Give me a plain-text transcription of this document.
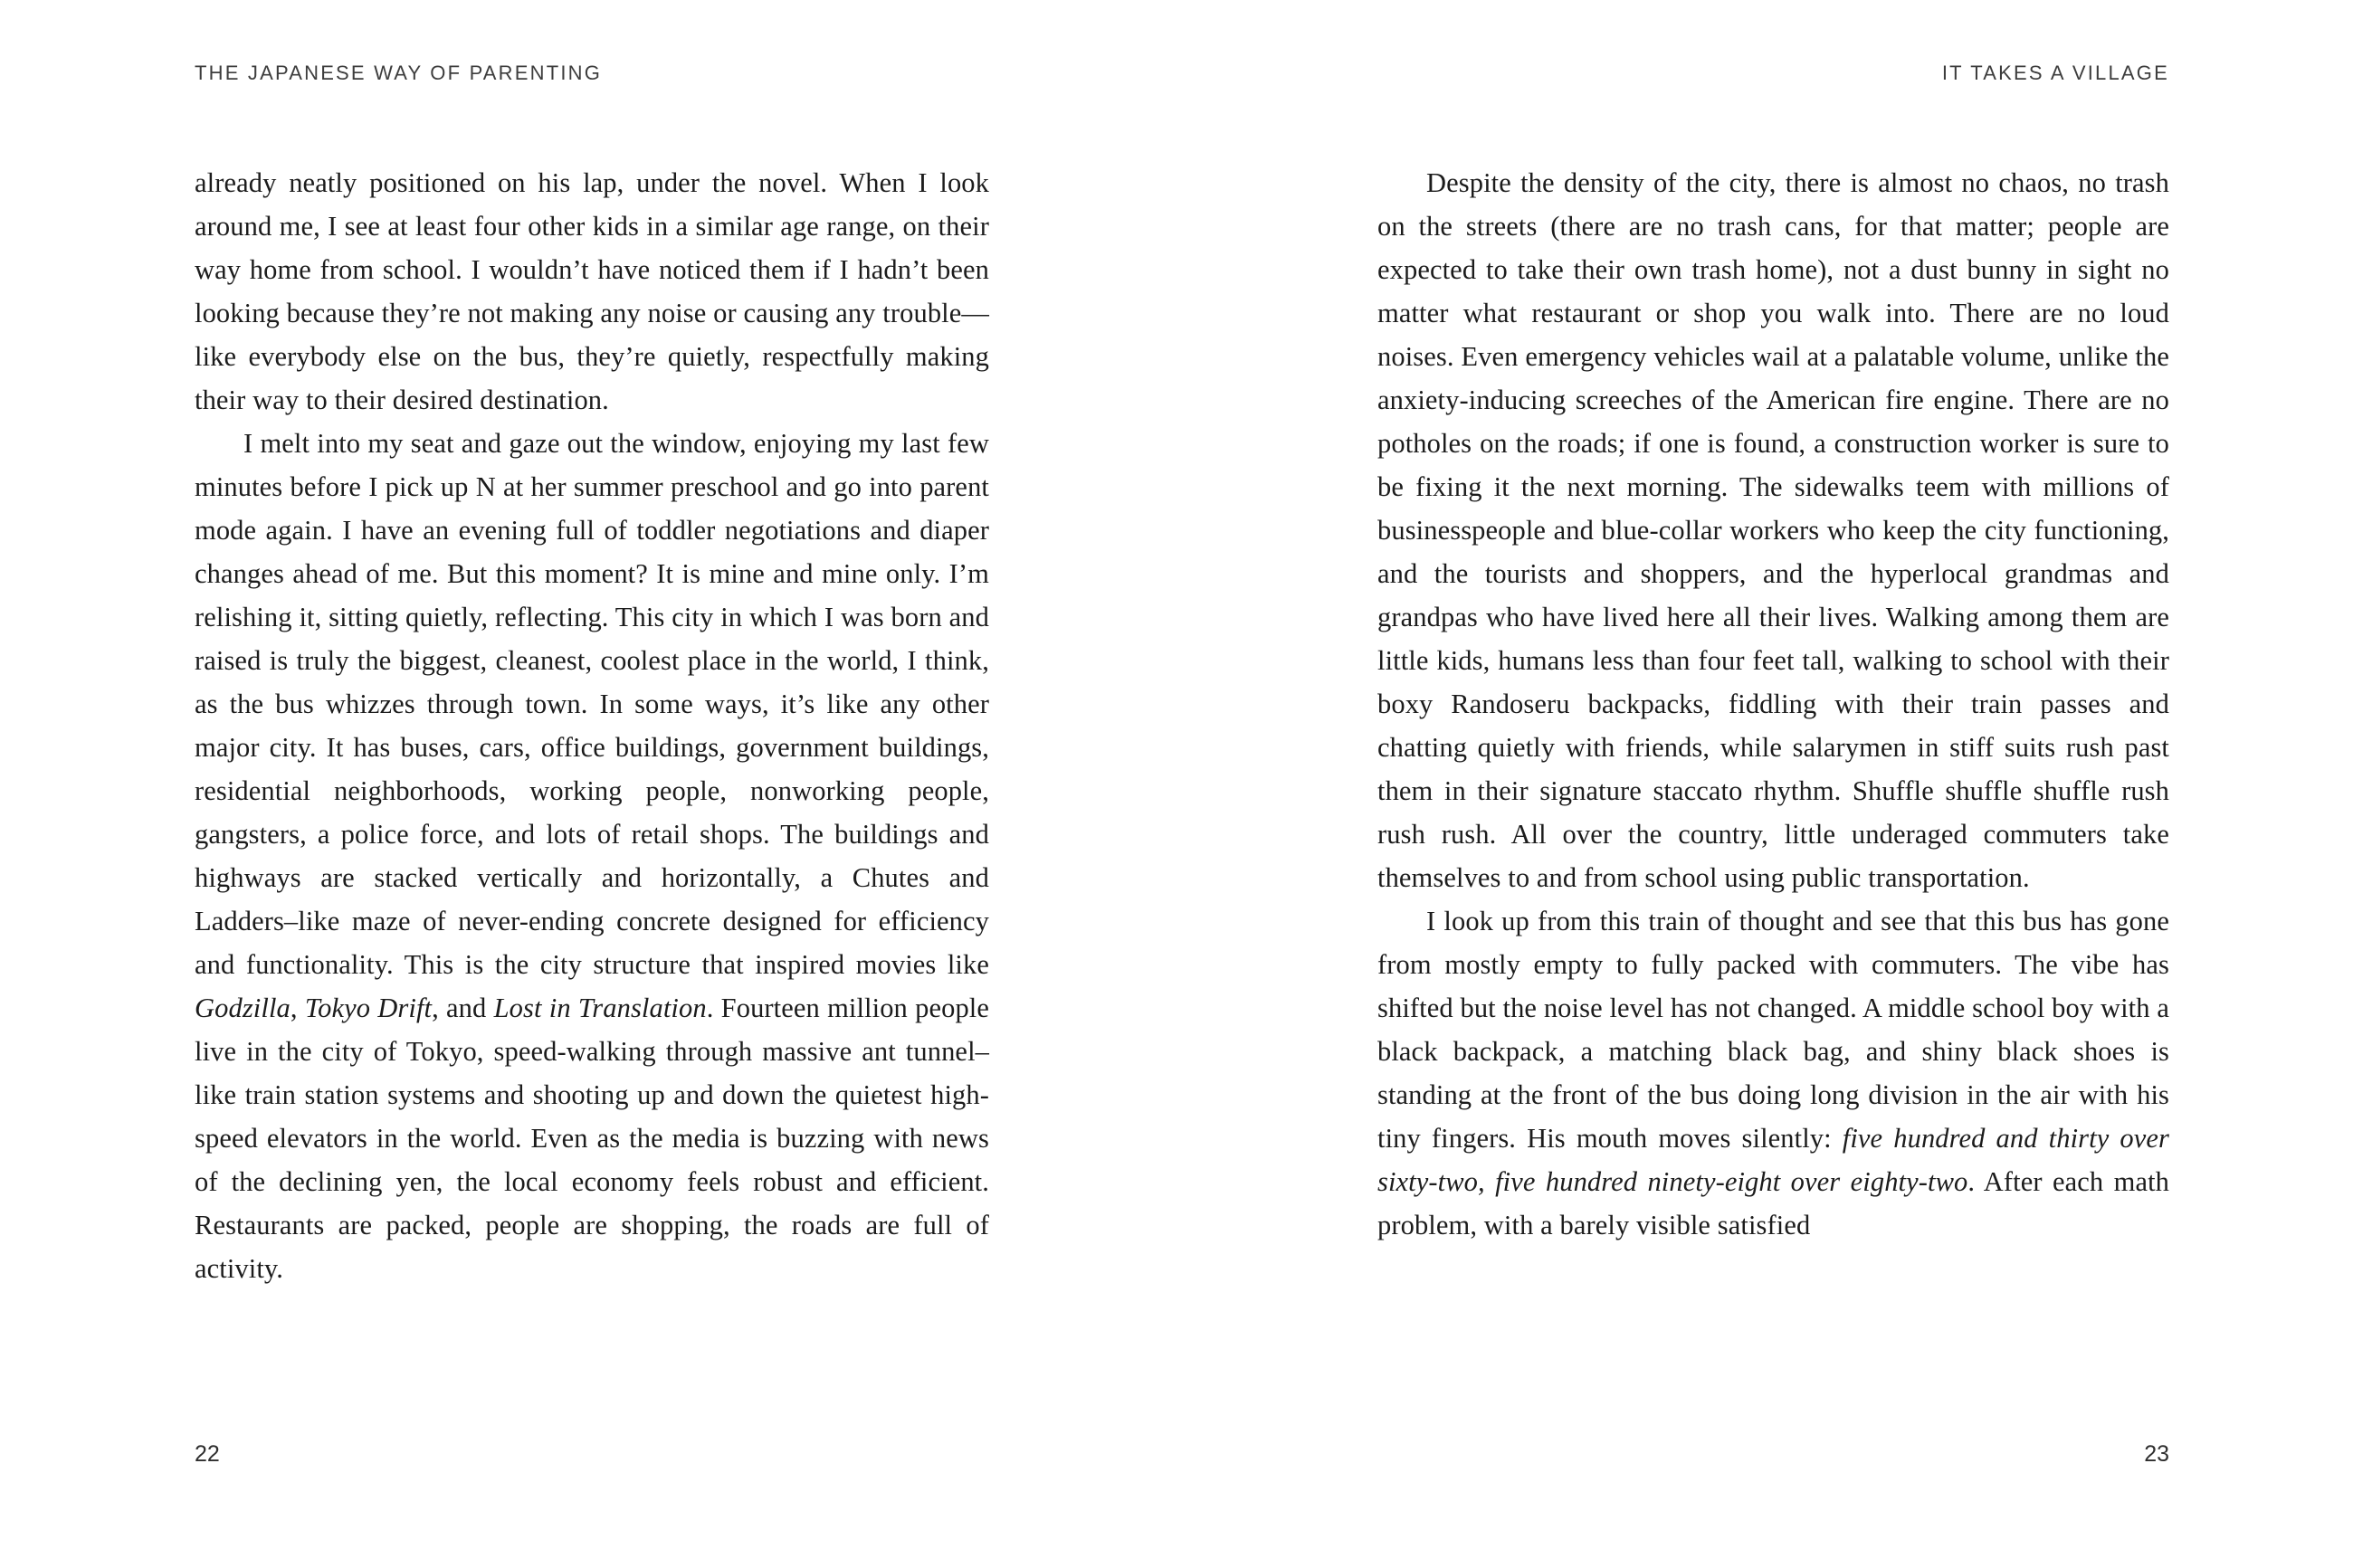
THE JAPANESE WAY OF PARENTING

already neatly positioned on his lap, under the novel. When I look around me, I see at least four other kids in a similar age range, on their way home from school. I wouldn’t have noticed them if I hadn’t been looking because they’re not making any noise or causing any trouble—like everybody else on the bus, they’re quietly, respectfully making their way to their desired destination.

I melt into my seat and gaze out the window, enjoying my last few minutes before I pick up N at her summer preschool and go into parent mode again. I have an evening full of toddler negotiations and diaper changes ahead of me. But this moment? It is mine and mine only. I’m relishing it, sitting quietly, reflecting. This city in which I was born and raised is truly the biggest, cleanest, coolest place in the world, I think, as the bus whizzes through town. In some ways, it’s like any other major city. It has buses, cars, office buildings, government buildings, residential neighborhoods, working people, nonworking people, gangsters, a police force, and lots of retail shops. The buildings and highways are stacked vertically and horizontally, a Chutes and Ladders–like maze of never-ending concrete designed for efficiency and functionality. This is the city structure that inspired movies like Godzilla, Tokyo Drift, and Lost in Translation. Fourteen million people live in the city of Tokyo, speed-walking through massive ant tunnel–like train station systems and shooting up and down the quietest high-speed elevators in the world. Even as the media is buzzing with news of the declining yen, the local economy feels robust and efficient. Restaurants are packed, people are shopping, the roads are full of activity.

22
IT TAKES A VILLAGE

Despite the density of the city, there is almost no chaos, no trash on the streets (there are no trash cans, for that matter; people are expected to take their own trash home), not a dust bunny in sight no matter what restaurant or shop you walk into. There are no loud noises. Even emergency vehicles wail at a palatable volume, unlike the anxiety-inducing screeches of the American fire engine. There are no potholes on the roads; if one is found, a construction worker is sure to be fixing it the next morning. The sidewalks teem with millions of businesspeople and blue-collar workers who keep the city functioning, and the tourists and shoppers, and the hyperlocal grandmas and grandpas who have lived here all their lives. Walking among them are little kids, humans less than four feet tall, walking to school with their boxy Randoseru backpacks, fiddling with their train passes and chatting quietly with friends, while salarymen in stiff suits rush past them in their signature staccato rhythm. Shuffle shuffle shuffle rush rush rush. All over the country, little underaged commuters take themselves to and from school using public transportation.

I look up from this train of thought and see that this bus has gone from mostly empty to fully packed with commuters. The vibe has shifted but the noise level has not changed. A middle school boy with a black backpack, a matching black bag, and shiny black shoes is standing at the front of the bus doing long division in the air with his tiny fingers. His mouth moves silently: five hundred and thirty over sixty-two, five hundred ninety-eight over eighty-two. After each math problem, with a barely visible satisfied

23
